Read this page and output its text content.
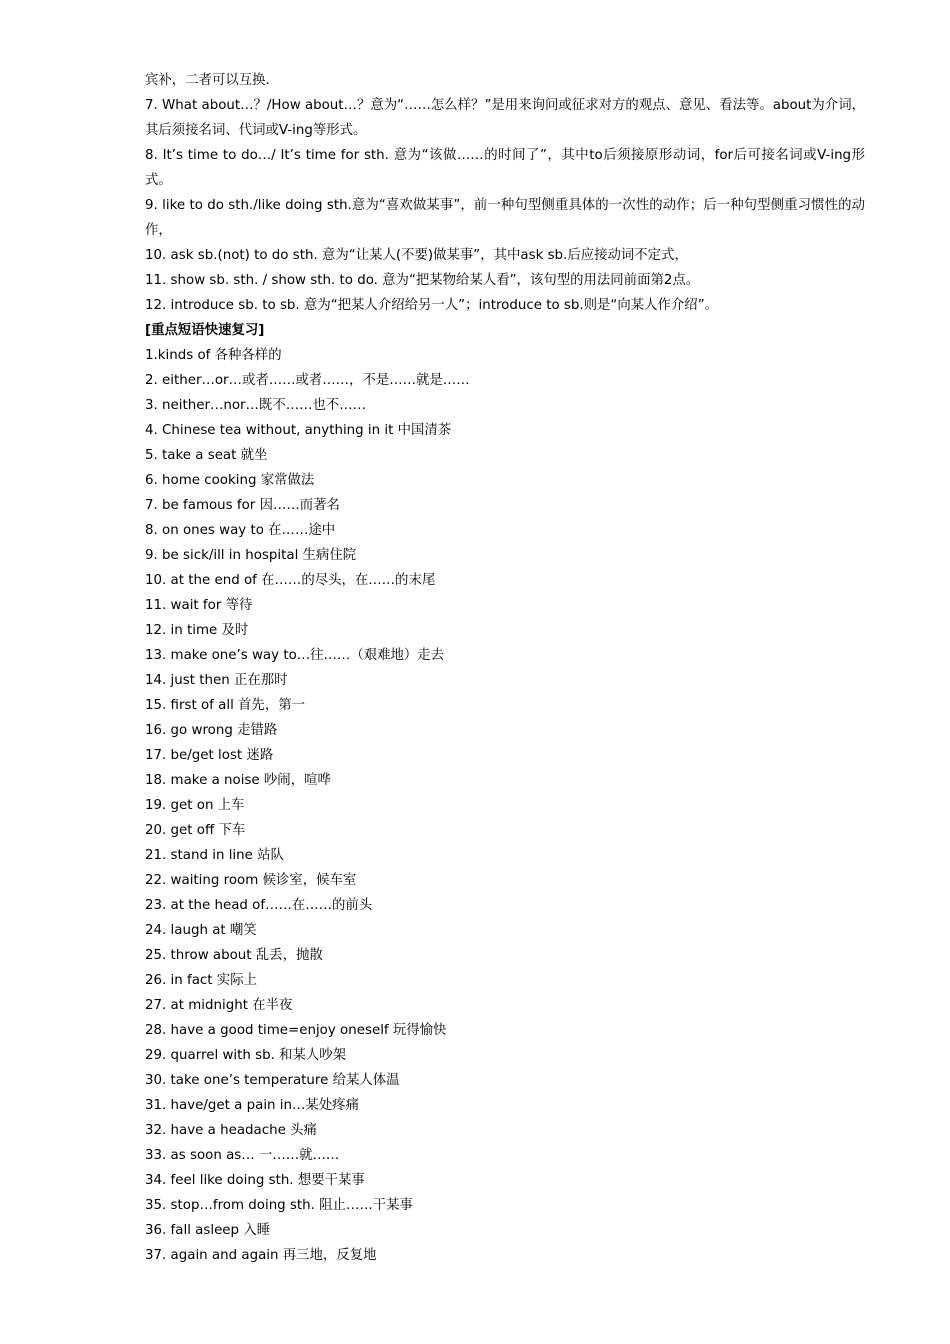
宾补，二者可以互换.
7. What about…？/How about…？意为“……怎么样？”是用来询问或征求对方的观点、意见、看法等。about为介词，其后须接名词、代词或V-ing等形式。
8. It’s time to do…/ It’s time for sth. 意为“该做……的时间了”，其中to后须接原形动词，for后可接名词或V-ing形式。
9. like to do sth./like doing sth.意为“喜欢做某事”，前一种句型侧重具体的一次性的动作；后一种句型侧重习惯性的动作，
10. ask sb.(not) to do sth. 意为“让某人(不要)做某事”，其中ask sb.后应接动词不定式，
11. show sb. sth. / show sth. to do. 意为“把某物给某人看”，该句型的用法同前面第2点。
12. introduce sb. to sb. 意为“把某人介绍给另一人”；introduce to sb.则是“向某人作介绍”。
[重点短语快速复习]
1.kinds of 各种各样的
2. either…or…或者……或者……，不是……就是……
3. neither…nor…既不……也不……
4. Chinese tea without, anything in it 中国清茶
5. take a seat 就坐
6. home cooking 家常做法
7. be famous for 因……而著名
8. on ones way to 在……途中
9. be sick/ill in hospital 生病住院
10. at the end of 在……的尽头，在……的末尾
11. wait for 等待
12. in time 及时
13. make one’s way to…往……（艰难地）走去
14. just then 正在那时
15. first of all 首先，第一
16. go wrong 走错路
17. be/get lost 迷路
18. make a noise 吵闹，喧哗
19. get on 上车
20. get off 下车
21. stand in line 站队
22. waiting room 候诊室，候车室
23. at the head of……在……的前头
24. laugh at 嘲笑
25. throw about 乱丢，抛散
26. in fact 实际上
27. at midnight 在半夜
28. have a good time=enjoy oneself 玩得愉快
29. quarrel with sb. 和某人吵架
30. take one’s temperature 给某人体温
31. have/get a pain in…某处疼痛
32. have a headache 头痛
33. as soon as… 一……就……
34. feel like doing sth. 想要干某事
35. stop…from doing sth. 阻止……干某事
36. fall asleep 入睡
37. again and again 再三地，反复地
